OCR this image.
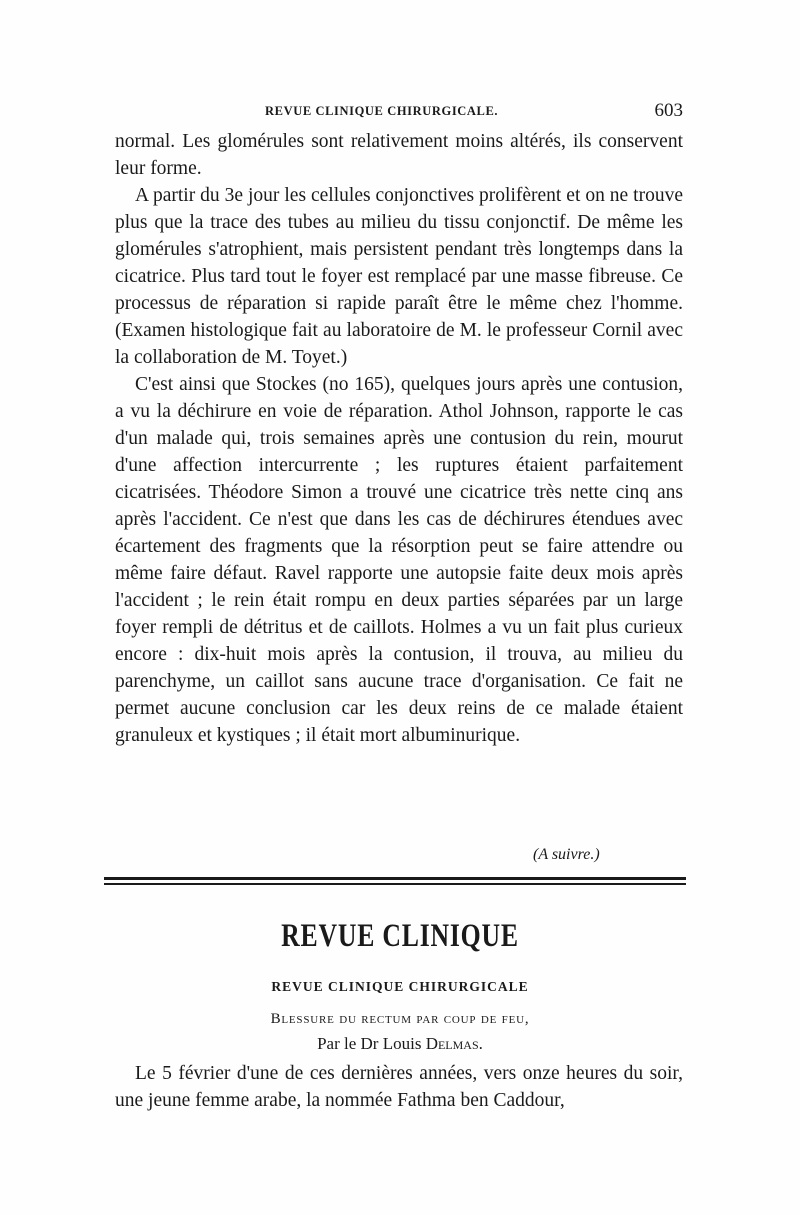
REVUE CLINIQUE CHIRURGICALE.	603

normal. Les glomérules sont relativement moins altérés, ils conservent leur forme.

A partir du 3e jour les cellules conjonctives prolifèrent et on ne trouve plus que la trace des tubes au milieu du tissu conjonctif. De même les glomérules s'atrophient, mais persistent pendant très longtemps dans la cicatrice. Plus tard tout le foyer est remplacé par une masse fibreuse. Ce processus de réparation si rapide paraît être le même chez l'homme. (Examen histologique fait au laboratoire de M. le professeur Cornil avec la collaboration de M. Toyet.)

C'est ainsi que Stockes (no 165), quelques jours après une contusion, a vu la déchirure en voie de réparation. Athol Johnson, rapporte le cas d'un malade qui, trois semaines après une contusion du rein, mourut d'une affection intercurrente ; les ruptures étaient parfaitement cicatrisées. Théodore Simon a trouvé une cicatrice très nette cinq ans après l'accident. Ce n'est que dans les cas de déchirures étendues avec écartement des fragments que la résorption peut se faire attendre ou même faire défaut. Ravel rapporte une autopsie faite deux mois après l'accident ; le rein était rompu en deux parties séparées par un large foyer rempli de détritus et de caillots. Holmes a vu un fait plus curieux encore : dix-huit mois après la contusion, il trouva, au milieu du parenchyme, un caillot sans aucune trace d'organisation. Ce fait ne permet aucune conclusion car les deux reins de ce malade étaient granuleux et kystiques ; il était mort albuminurique.

(A suivre.)
REVUE CLINIQUE
REVUE CLINIQUE CHIRURGICALE
Blessure du rectum par coup de feu,
Par le Dr Louis Delmas.

Le 5 février d'une de ces dernières années, vers onze heures du soir, une jeune femme arabe, la nommée Fathma ben Caddour,
